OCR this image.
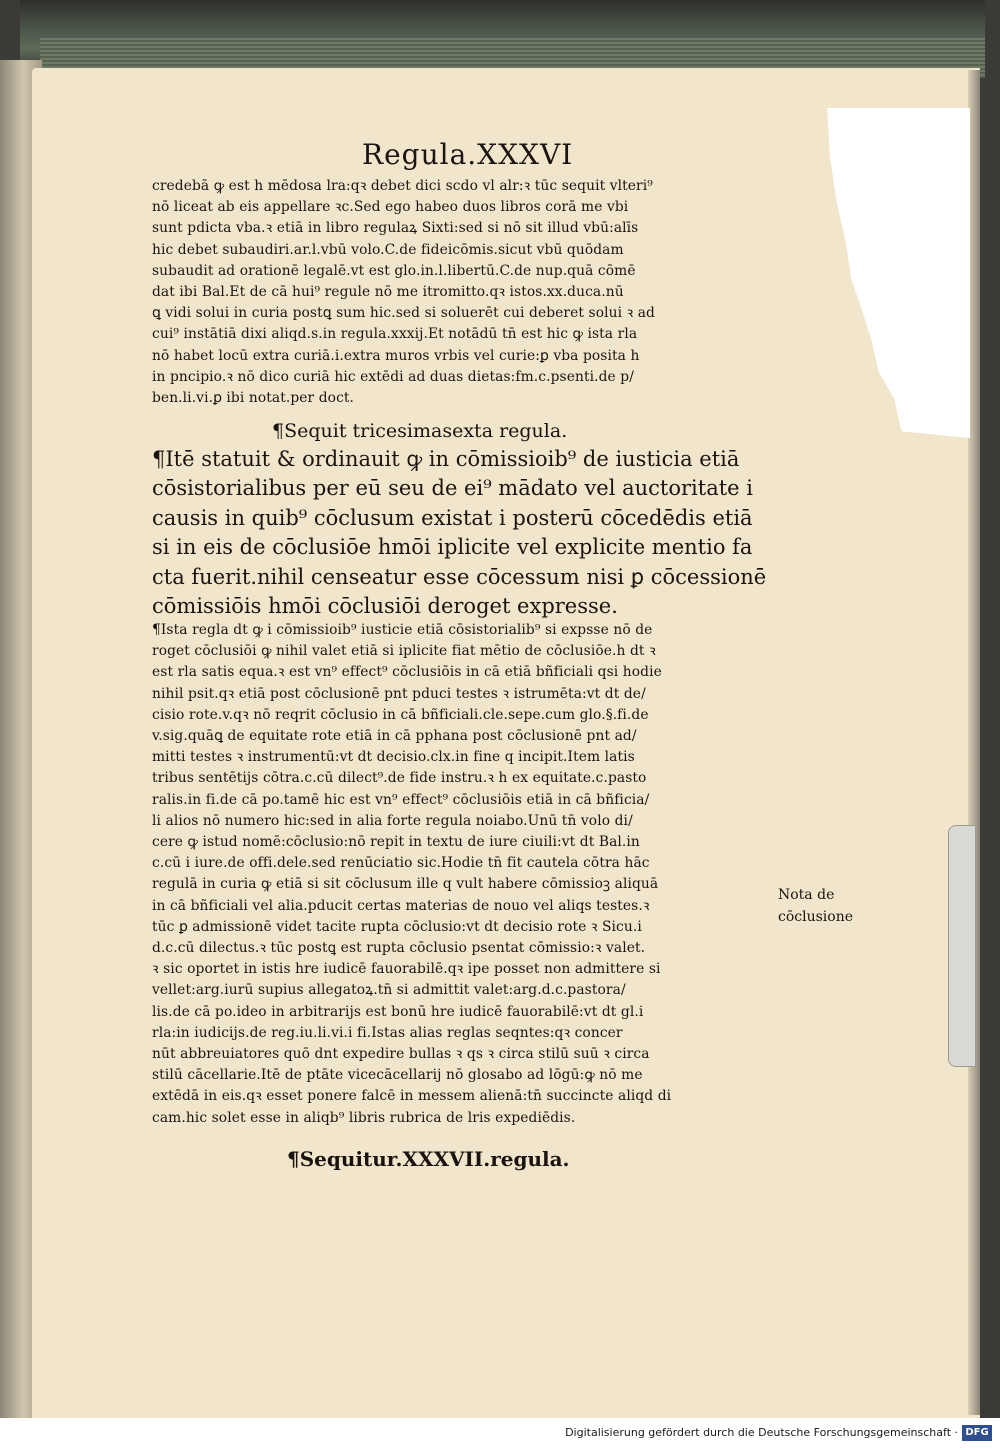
Regula.XXXVI
credebā ꝙ est h mēdosa lra:qꝛ debet dici scdo vl alr:ꝛ tūc sequit vlteri⁹
nō liceat ab eis appellare ꝛc.Sed ego habeo duos libros corā me vbi
sunt pdicta vba.ꝛ etiā in libro regulaꝝ Sixti:sed si nō sit illud vbū:alīs
hic debet subaudiri.ar.l.vbū volo.C.de fideicōmis.sicut vbū quōdam
subaudit ad orationē legalē.vt est glo.in.l.libertū.C.de nup.quā cōmē
dat ibi Bal.Et de cā hui⁹ regule nō me itromitto.qꝛ istos.xx.duca.nū
ꝗ vidi solui in curia postꝗ sum hic.sed si soluerēt cui deberet solui ꝛ ad
cui⁹ instātiā dixi aliqd.s.in regula.xxxij.Et notādū tn̄ est hic ꝙ ista rla
nō habet locū extra curiā.i.extra muros vrbis vel curie:ꝑ vba posita h
in pncipio.ꝛ nō dico curiā hic extēdi ad duas dietas:fm.c.psenti.de p/
ben.li.vi.ꝑ ibi notat.per doct.
¶Sequit tricesimasexta regula.
¶Itē statuit & ordinauit ꝙ in cōmissioib⁹ de iusticia etiā
cōsistorialibus per eū seu de ei⁹ mādato vel auctoritate i
causis in quib⁹ cōclusum existat i posterū cōcedēdis etiā
si in eis de cōclusiōe hmōi iplicite vel explicite mentio fa
cta fuerit.nihil censeatur esse cōcessum nisi ꝑ cōcessionē
cōmissiōis hmōi cōclusiōi deroget expresse.
¶Ista regla dt ꝙ i cōmissioib⁹ iusticie etiā cōsistorialib⁹ si expsse nō de
roget cōclusiōi ꝙ nihil valet etiā si iplicite fiat mētio de cōclusiōe.h dt ꝛ
est rla satis equa.ꝛ est vn⁹ effect⁹ cōclusiōis in cā etiā bñficiali qsi hodie
nihil psit.qꝛ etiā post cōclusionē pnt pduci testes ꝛ istrumēta:vt dt de/
cisio rote.v.qꝛ nō reqrit cōclusio in cā bñficiali.cle.sepe.cum glo.§.fi.de
v.sig.quāꝗ de equitate rote etiā in cā pphana post cōclusionē pnt ad/
mitti testes ꝛ instrumentū:vt dt decisio.clx.in fine q incipit.Item latis
tribus sentētijs cōtra.c.cū dilect⁹.de fide instru.ꝛ h ex equitate.c.pasto
ralis.in fi.de cā po.tamē hic est vn⁹ effect⁹ cōclusiōis etiā in cā bñficia/
li alios nō numero hic:sed in alia forte regula noiabo.Unū tn̄ volo di/
cere ꝙ istud nomē:cōclusio:nō repit in textu de iure ciuili:vt dt Bal.in
c.cū i iure.de offi.dele.sed renūciatio sic.Hodie tn̄ fit cautela cōtra hāc
regulā in curia ꝙ etiā si sit cōclusum ille q vult habere cōmissioꝫ aliquā
in cā bñficiali vel alia.pducit certas materias de nouo vel aliqs testes.ꝛ
tūc ꝑ admissionē videt tacite rupta cōclusio:vt dt decisio rote ꝛ Sicu.i
d.c.cū dilectus.ꝛ tūc postꝗ est rupta cōclusio psentat cōmissio:ꝛ valet.
ꝛ sic oportet in istis hre iudicē fauorabilē.qꝛ ipe posset non admittere si
vellet:arg.iurū supius allegatoꝝ.tn̄ si admittit valet:arg.d.c.pastora/
lis.de cā po.ideo in arbitrarijs est bonū hre iudicē fauorabilē:vt dt gl.i
rla:in iudicijs.de reg.iu.li.vi.i fi.Istas alias reglas seqntes:qꝛ concer
nūt abbreuiatores quō dnt expedire bullas ꝛ qs ꝛ circa stilū suū ꝛ circa
stilū cācellarie.Itē de ptāte vicecācellarij nō glosabo ad lōgū:ꝙ nō me
extēdā in eis.qꝛ esset ponere falcē in messem alienā:tn̄ succincte aliqd di
cam.hic solet esse in aliqb⁹ libris rubrica de lris expediēdis.
¶Sequitur.XXXVII.regula.
Nota de
cōclusione
Digitalisierung gefördert durch die Deutsche Forschungsgemeinschaft · DFG
